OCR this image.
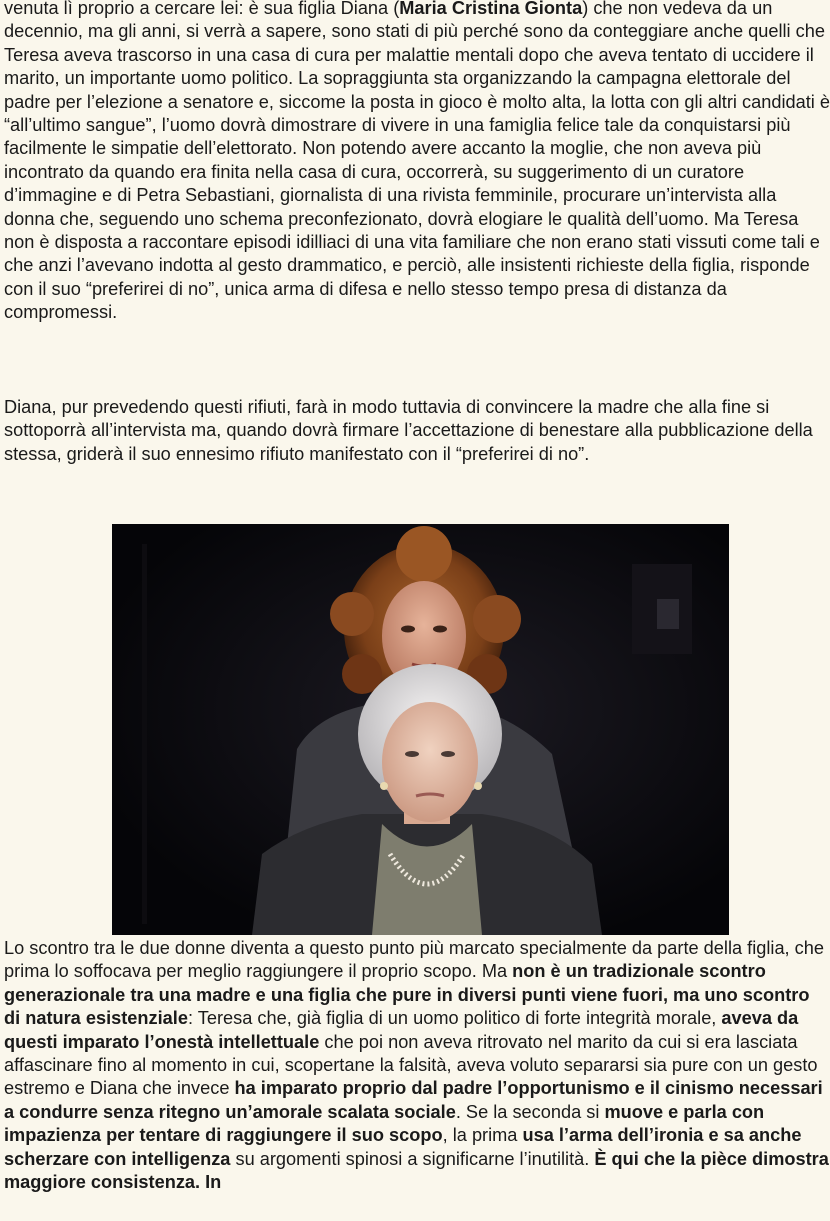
venuta lì proprio a cercare lei: è sua figlia Diana (Maria Cristina Gionta) che non vedeva da un decennio, ma gli anni, si verrà a sapere, sono stati di più perché sono da conteggiare anche quelli che Teresa aveva trascorso in una casa di cura per malattie mentali dopo che aveva tentato di uccidere il marito, un importante uomo politico. La sopraggiunta sta organizzando la campagna elettorale del padre per l’elezione a senatore e, siccome la posta in gioco è molto alta, la lotta con gli altri candidati è “all’ultimo sangue”, l’uomo dovrà dimostrare di vivere in una famiglia felice tale da conquistarsi più facilmente le simpatie dell’elettorato. Non potendo avere accanto la moglie, che non aveva più incontrato da quando era finita nella casa di cura, occorrerà, su suggerimento di un curatore d’immagine e di Petra Sebastiani, giornalista di una rivista femminile, procurare un’intervista alla donna che, seguendo uno schema preconfezionato, dovrà elogiare le qualità dell’uomo. Ma Teresa non è disposta a raccontare episodi idilliaci di una vita familiare che non erano stati vissuti come tali e che anzi l’avevano indotta al gesto drammatico, e perciò, alle insistenti richieste della figlia, risponde con il suo “preferirei di no”, unica arma di difesa e nello stesso tempo presa di distanza da compromessi.

Diana, pur prevedendo questi rifiuti, farà in modo tuttavia di convincere la madre che alla fine si sottoporrà all’intervista ma, quando dovrà firmare l’accettazione di benestare alla pubblicazione della stessa, griderà il suo ennesimo rifiuto manifestato con il “preferirei di no”.

Lo scontro tra le due donne diventa a questo punto più marcato specialmente da parte della figlia, che prima lo soffocava per meglio raggiungere il proprio scopo. Ma non è un tradizionale scontro generazionale tra una madre e una figlia che pure in diversi punti viene fuori, ma uno scontro di natura esistenziale: Teresa che, già figlia di un uomo politico di forte integrità morale, aveva da questi imparato l’onestà intellettuale che poi non aveva ritrovato nel marito da cui si era lasciata affascinare fino al momento in cui, scopertane la falsità, aveva voluto separarsi sia pure con un gesto estremo e Diana che invece ha imparato proprio dal padre l’opportunismo e il cinismo necessari a condurre senza ritegno un’amorale scalata sociale. Se la seconda si muove e parla con impazienza per tentare di raggiungere il suo scopo, la prima usa l’arma dell’ironia e sa anche scherzare con intelligenza su argomenti spinosi a significarne l’inutilità. È qui che la pièce dimostra maggiore consistenza. In
